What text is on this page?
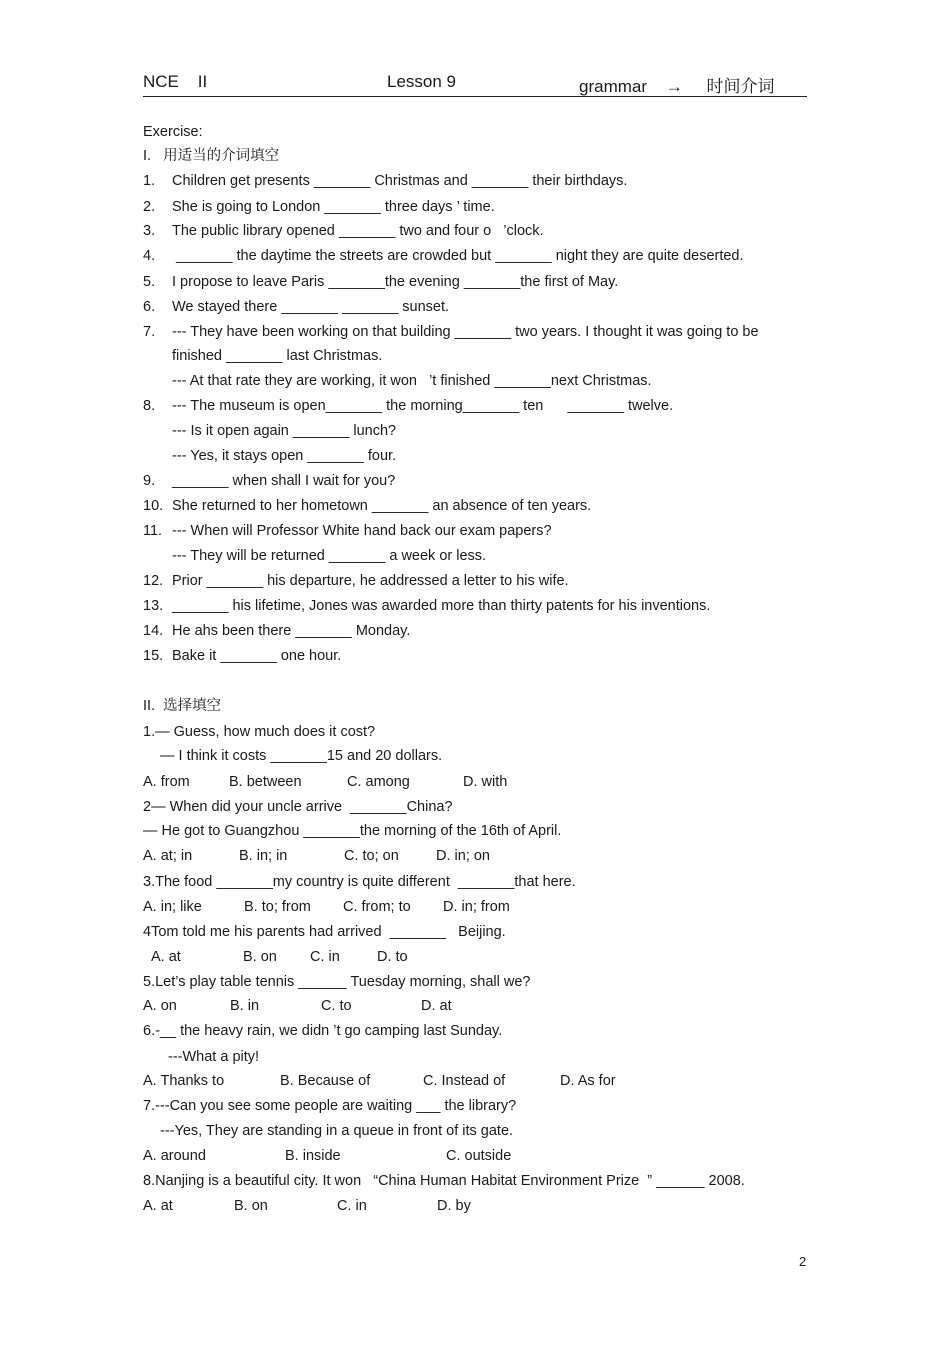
NCE    II	Lesson 9	grammar    →     时间介词
Exercise:
I.   用适当的介词填空
1. Children get presents _______ Christmas and _______ their birthdays.
2. She is going to London _______ three days ’ time.
3. The public library opened _______ two and four o   ’clock.
4. _______ the daytime the streets are crowded but _______ night they are quite deserted.
5. I propose to leave Paris _______the evening _______the first of May.
6. We stayed there _______ _______ sunset.
7. --- They have been working on that building _______ two years. I thought it was going to be
finished _______ last Christmas.
--- At that rate they are working, it won   ’t finished _______next Christmas.
8. --- The museum is open_______ the morning_______ ten      _______ twelve.
--- Is it open again _______ lunch?
--- Yes, it stays open _______ four.
9. _______ when shall I wait for you?
10. She returned to her hometown _______ an absence of ten years.
11. --- When will Professor White hand back our exam papers?
--- They will be returned _______ a week or less.
12. Prior _______ his departure, he addressed a letter to his wife.
13. _______ his lifetime, Jones was awarded more than thirty patents for his inventions.
14. He ahs been there _______ Monday.
15. Bake it _______ one hour.
II.  选择填空
1.— Guess, how much does it cost?
— I think it costs _______15 and 20 dollars.
A. from	B. between	C. among	D. with
2— When did your uncle arrive  _______China?
— He got to Guangzhou _______the morning of the 16th of April.
A. at; in	B. in; in	C. to; on	D. in; on
3.The food _______my country is quite different  _______that here.
A. in; like	B. to; from C. from; to D. in; from
4Tom told me his parents had arrived  _______   Beijing.
A. at	B. on C. in	D. to
5.Let’s play table tennis ______ Tuesday morning, shall we?
A. on	B. in	C. to	D. at
6.-__ the heavy rain, we didn ’t go camping last Sunday.
---What a pity!
A. Thanks to	B. Because of	C. Instead of	D. As for
7.---Can you see some people are waiting ___ the library?
---Yes, They are standing in a queue in front of its gate.
A. around	B. inside	C. outside
8.Nanjing is a beautiful city. It won   “China Human Habitat Environment Prize  ” ______ 2008.
A. at	B. on	C. in	D. by
2
